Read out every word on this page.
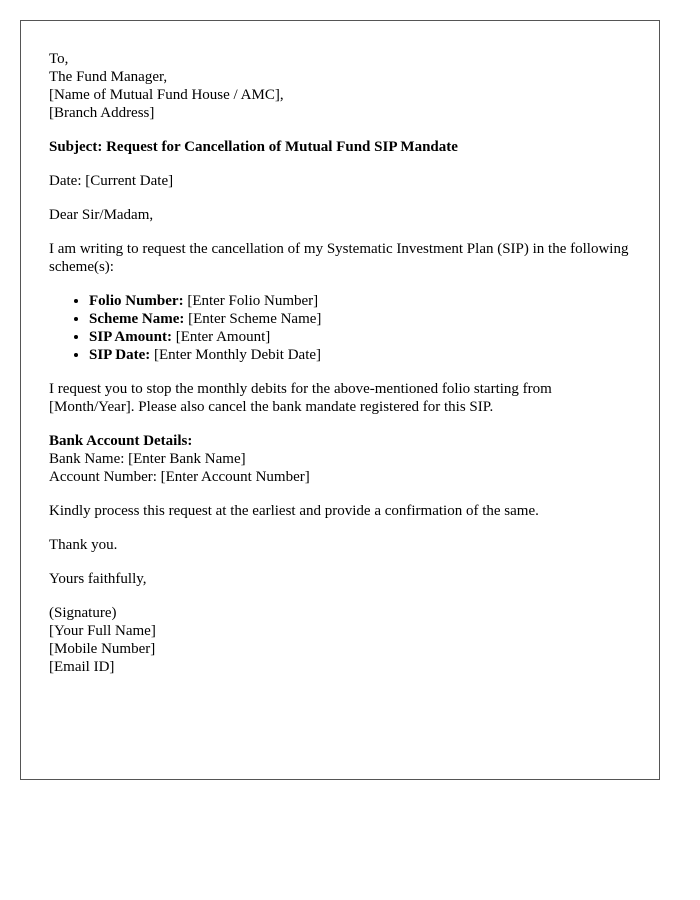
To,
The Fund Manager,
[Name of Mutual Fund House / AMC],
[Branch Address]

Subject: Request for Cancellation of Mutual Fund SIP Mandate

Date: [Current Date]

Dear Sir/Madam,

I am writing to request the cancellation of my Systematic Investment Plan (SIP) in the following scheme(s):

• Folio Number: [Enter Folio Number]
• Scheme Name: [Enter Scheme Name]
• SIP Amount: [Enter Amount]
• SIP Date: [Enter Monthly Debit Date]

I request you to stop the monthly debits for the above-mentioned folio starting from [Month/Year]. Please also cancel the bank mandate registered for this SIP.

Bank Account Details:
Bank Name: [Enter Bank Name]
Account Number: [Enter Account Number]

Kindly process this request at the earliest and provide a confirmation of the same.

Thank you.

Yours faithfully,

(Signature)
[Your Full Name]
[Mobile Number]
[Email ID]
